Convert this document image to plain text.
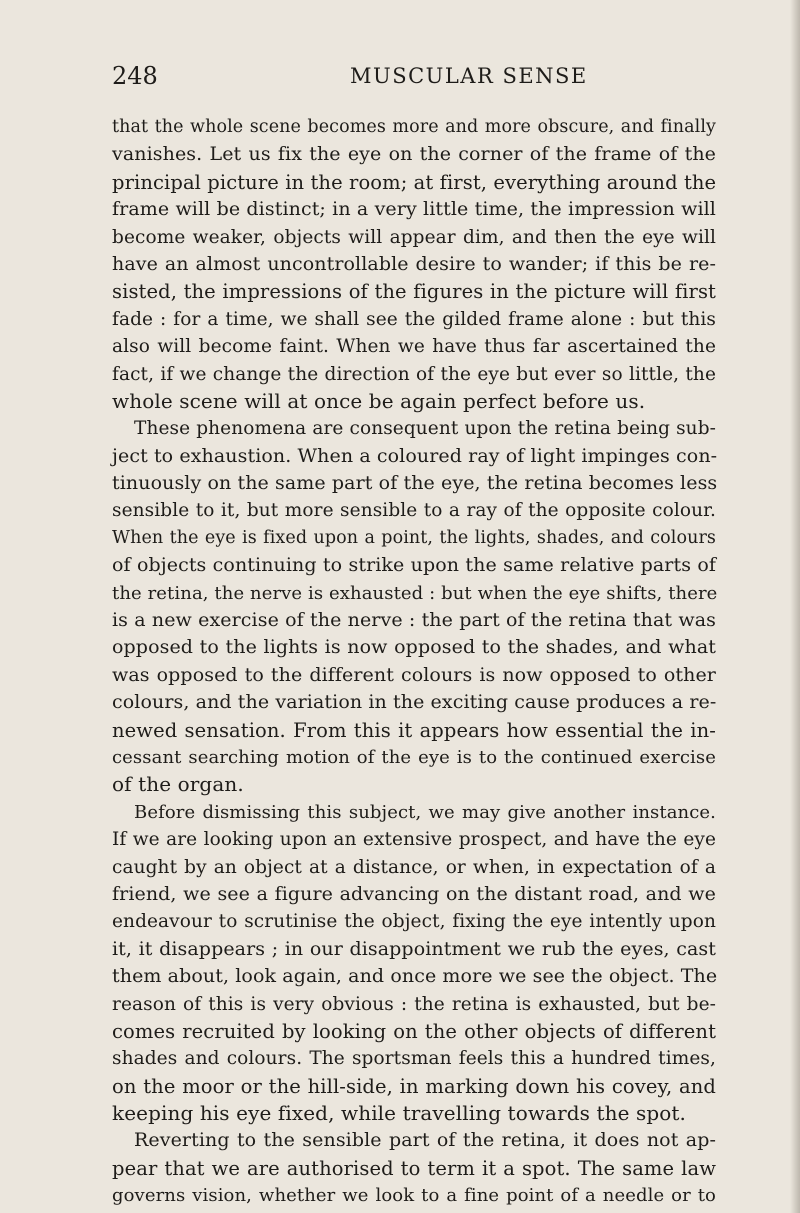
248	MUSCULAR SENSE
that the whole scene becomes more and more obscure, and finally
vanishes. Let us fix the eye on the corner of the frame of the
principal picture in the room; at first, everything around the
frame will be distinct; in a very little time, the impression will
become weaker, objects will appear dim, and then the eye will
have an almost uncontrollable desire to wander; if this be re-
sisted, the impressions of the figures in the picture will first
fade : for a time, we shall see the gilded frame alone : but this
also will become faint. When we have thus far ascertained the
fact, if we change the direction of the eye but ever so little, the
whole scene will at once be again perfect before us.
These phenomena are consequent upon the retina being sub-
ject to exhaustion. When a coloured ray of light impinges con-
tinuously on the same part of the eye, the retina becomes less
sensible to it, but more sensible to a ray of the opposite colour.
When the eye is fixed upon a point, the lights, shades, and colours
of objects continuing to strike upon the same relative parts of
the retina, the nerve is exhausted : but when the eye shifts, there
is a new exercise of the nerve : the part of the retina that was
opposed to the lights is now opposed to the shades, and what
was opposed to the different colours is now opposed to other
colours, and the variation in the exciting cause produces a re-
newed sensation. From this it appears how essential the in-
cessant searching motion of the eye is to the continued exercise
of the organ.
Before dismissing this subject, we may give another instance.
If we are looking upon an extensive prospect, and have the eye
caught by an object at a distance, or when, in expectation of a
friend, we see a figure advancing on the distant road, and we
endeavour to scrutinise the object, fixing the eye intently upon
it, it disappears ; in our disappointment we rub the eyes, cast
them about, look again, and once more we see the object. The
reason of this is very obvious : the retina is exhausted, but be-
comes recruited by looking on the other objects of different
shades and colours. The sportsman feels this a hundred times,
on the moor or the hill-side, in marking down his covey, and
keeping his eye fixed, while travelling towards the spot.
Reverting to the sensible part of the retina, it does not ap-
pear that we are authorised to term it a spot. The same law
governs vision, whether we look to a fine point of a needle or to
